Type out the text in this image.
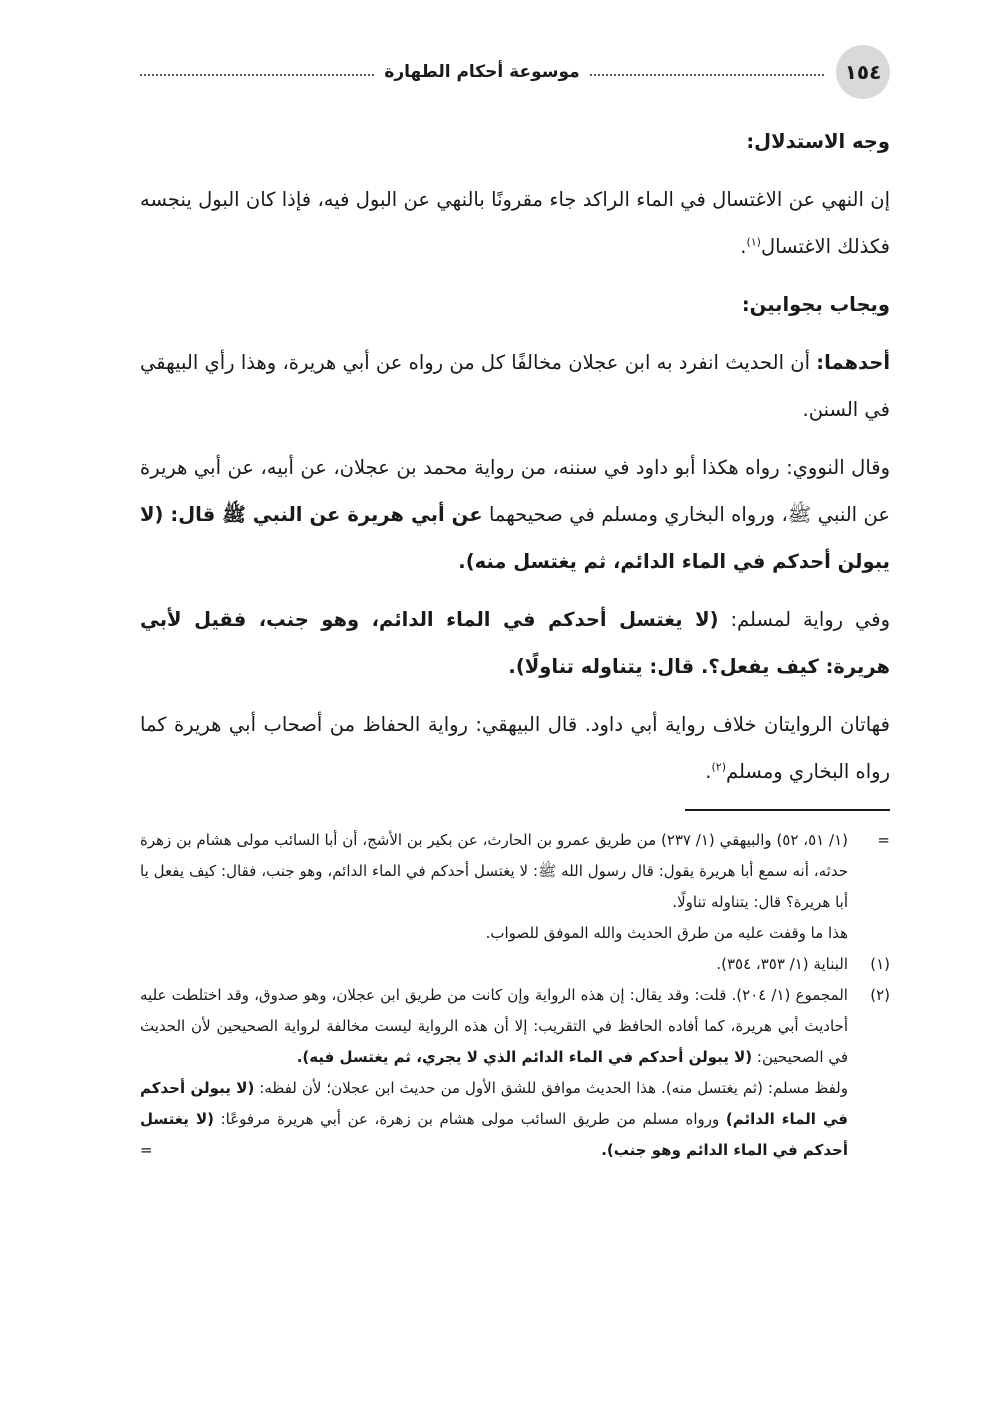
١٥٤
موسوعة أحكام الطهارة

وجه الاستدلال:

إن النهي عن الاغتسال في الماء الراكد جاء مقرونًا بالنهي عن البول فيه، فإذا كان البول ينجسه فكذلك الاغتسال$^{(١)}$.

ويجاب بجوابين:

أحدهما: أن الحديث انفرد به ابن عجلان مخالفًا كل من رواه عن أبي هريرة، وهذا رأي البيهقي في السنن.

وقال النووي: رواه هكذا أبو داود في سننه، من رواية محمد بن عجلان، عن أبيه، عن أبي هريرة عن النبي ﷺ، ورواه البخاري ومسلم في صحيحهما عن أبي هريرة عن النبي ﷺ قال: (لا يبولن أحدكم في الماء الدائم، ثم يغتسل منه).

وفي رواية لمسلم: (لا يغتسل أحدكم في الماء الدائم، وهو جنب، فقيل لأبي هريرة: كيف يفعل؟. قال: يتناوله تناولًا).

فهاتان الروايتان خلاف رواية أبي داود. قال البيهقي: رواية الحفاظ من أصحاب أبي هريرة كما رواه البخاري ومسلم$^{(٢)}$.

=

(١/ ٥١، ٥٢) والبيهقي (١/ ٢٣٧) من طريق عمرو بن الحارث، عن بكير بن الأشج، أن أبا السائب مولى هشام بن زهرة حدثه، أنه سمع أبا هريرة يقول: قال رسول الله ﷺ: لا يغتسل أحدكم في الماء الدائم، وهو جنب، فقال: كيف يفعل يا أبا هريرة؟ قال: يتناوله تناولًا.

هذا ما وقفت عليه من طرق الحديث والله الموفق للصواب.

(١)

البناية (١/ ٣٥٣، ٣٥٤).

(٢)

المجموع (١/ ٢٠٤). قلت: وقد يقال: إن هذه الرواية وإن كانت من طريق ابن عجلان، وهو صدوق، وقد اختلطت عليه أحاديث أبي هريرة، كما أفاده الحافظ في التقريب: إلا أن هذه الرواية ليست مخالفة لرواية الصحيحين لأن الحديث في الصحيحين: (لا يبولن أحدكم في الماء الدائم الذي لا يجري، ثم يغتسل فيه).

ولفظ مسلم: (ثم يغتسل منه). هذا الحديث موافق للشق الأول من حديث ابن عجلان؛ لأن لفظه: (لا يبولن أحدكم في الماء الدائم) ورواه مسلم من طريق السائب مولى هشام بن زهرة، عن أبي هريرة مرفوعًا: (لا يغتسل أحدكم في الماء الدائم وهو جنب).
=
